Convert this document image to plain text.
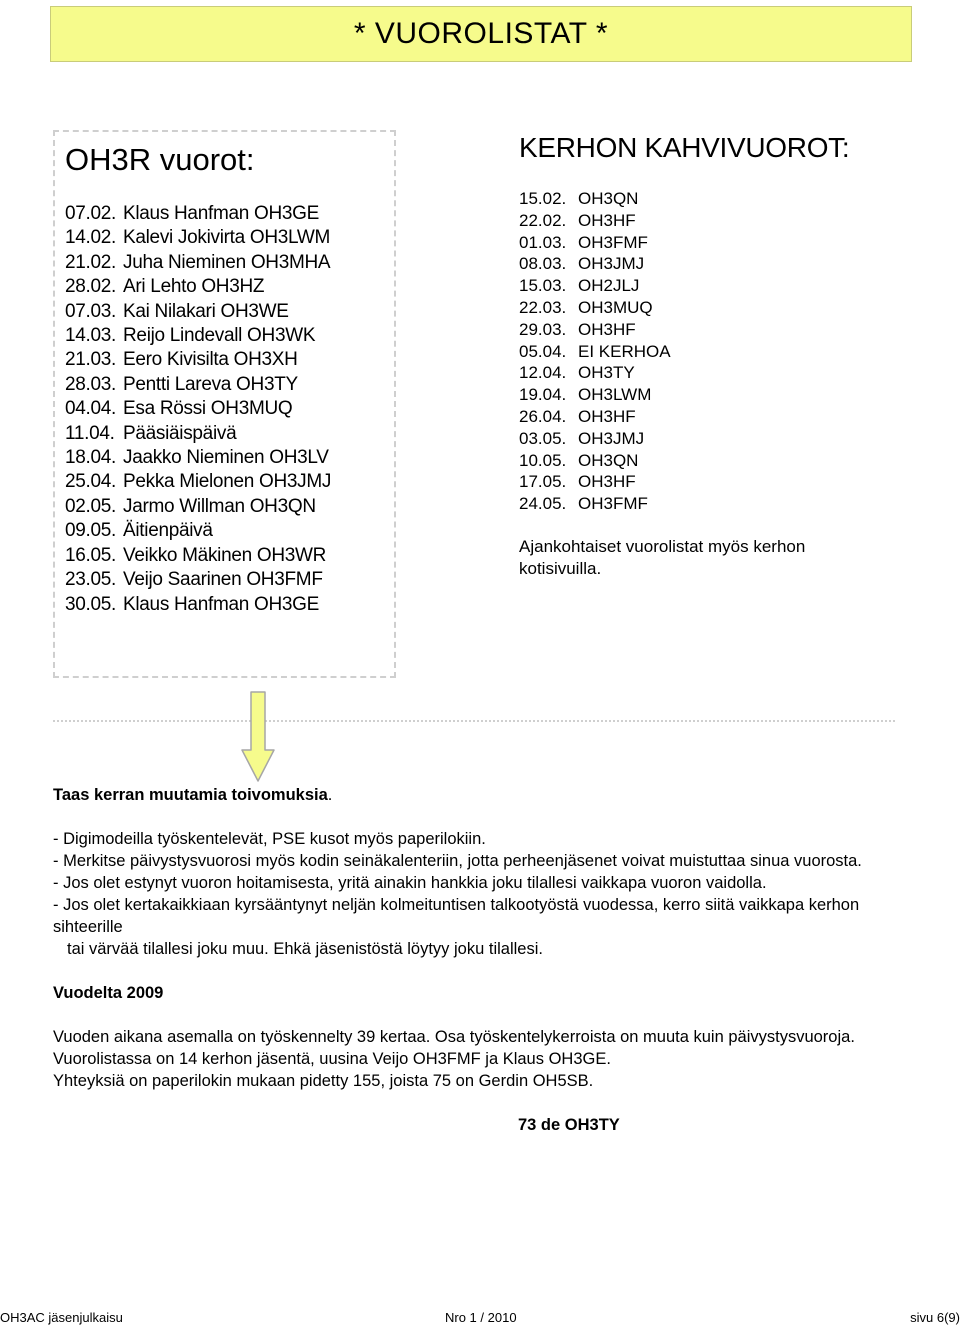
* VUOROLISTAT *
OH3R vuorot:
07.02. Klaus Hanfman OH3GE
14.02. Kalevi Jokivirta OH3LWM
21.02. Juha Nieminen OH3MHA
28.02. Ari Lehto OH3HZ
07.03. Kai Nilakari OH3WE
14.03. Reijo Lindevall OH3WK
21.03. Eero Kivisilta OH3XH
28.03. Pentti Lareva OH3TY
04.04. Esa Rössi OH3MUQ
11.04. Pääsiäispäivä
18.04. Jaakko Nieminen OH3LV
25.04. Pekka Mielonen OH3JMJ
02.05. Jarmo Willman OH3QN
09.05. Äitienpäivä
16.05. Veikko Mäkinen OH3WR
23.05. Veijo Saarinen OH3FMF
30.05. Klaus Hanfman OH3GE
KERHON KAHVIVUOROT:
15.02. OH3QN
22.02. OH3HF
01.03. OH3FMF
08.03. OH3JMJ
15.03. OH2JLJ
22.03. OH3MUQ
29.03. OH3HF
05.04. EI KERHOA
12.04. OH3TY
19.04. OH3LWM
26.04. OH3HF
03.05. OH3JMJ
10.05. OH3QN
17.05. OH3HF
24.05. OH3FMF

Ajankohtaiset vuorolistat myös kerhon kotisivuilla.

Taas kerran muutamia toivomuksia.

- Digimodeilla työskentelevät, PSE kusot myös paperilokiin.

- Merkitse päivystysvuorosi myös kodin seinäkalenteriin, jotta perheenjäsenet voivat muistuttaa sinua vuorosta.

- Jos olet estynyt vuoron hoitamisesta, yritä ainakin hankkia joku tilallesi vaikkapa vuoron vaidolla.

- Jos olet kertakaikkiaan kyrsääntynyt neljän kolmeituntisen talkootyöstä vuodessa, kerro siitä vaikkapa kerhon sihteerille

tai värvää tilallesi joku muu. Ehkä jäsenistöstä löytyy joku tilallesi.

Vuodelta 2009

Vuoden aikana asemalla on työskennelty 39 kertaa. Osa työskentelykerroista on muuta kuin päivystysvuoroja.

Vuorolistassa on 14 kerhon jäsentä, uusina Veijo OH3FMF ja Klaus OH3GE.

Yhteyksiä on paperilokin mukaan pidetty 155, joista 75 on Gerdin OH5SB.

73 de OH3TY

OH3AC jäsenjulkaisu	Nro 1 / 2010	sivu 6(9)
